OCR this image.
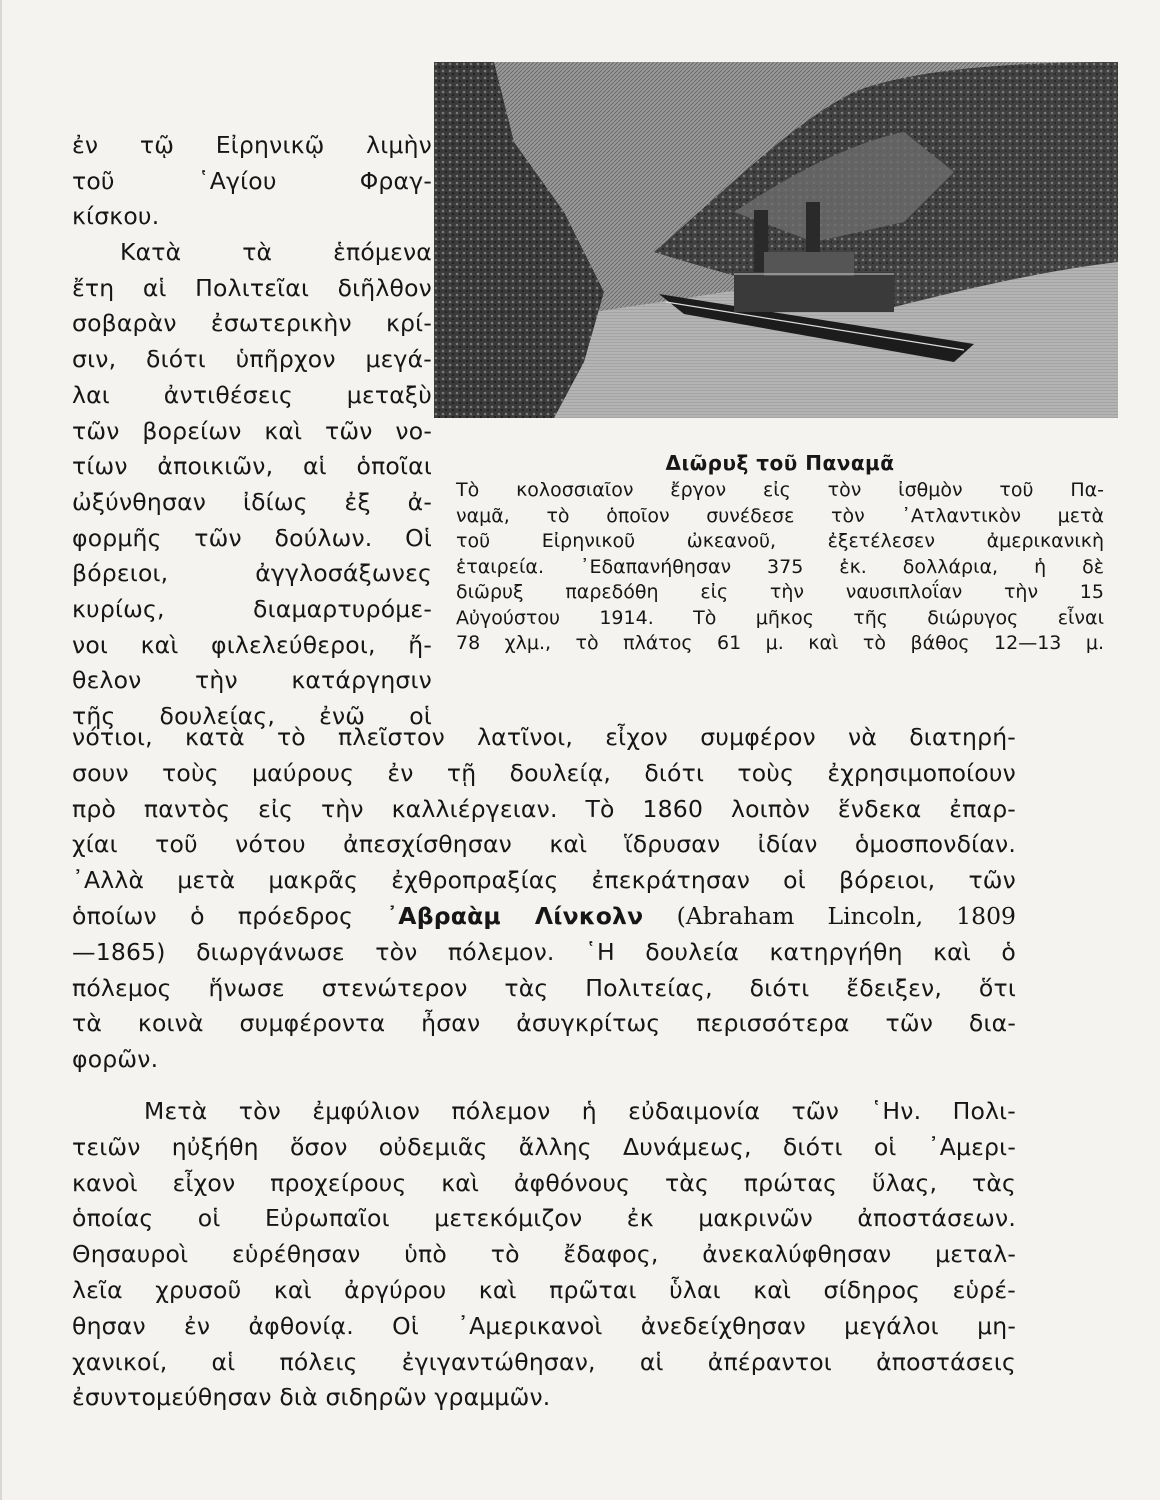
ἐν τῷ Εἰρηνικῷ λιμὴν
τοῦ ῾Αγίου Φραγ-
κίσκου.
Κατὰ τὰ ἑπόμενα
ἔτη αἱ Πολιτεῖαι διῆλθον
σοβαρὰν ἐσωτερικὴν κρί-
σιν, διότι ὑπῆρχον μεγά-
λαι ἀντιθέσεις μεταξὺ
τῶν βορείων καὶ τῶν νο-
τίων ἀποικιῶν, αἱ ὁποῖαι
ὠξύνθησαν ἰδίως ἐξ ἀ-
φορμῆς τῶν δούλων. Οἱ
βόρειοι, ἀγγλοσάξωνες
κυρίως, διαμαρτυρόμε-
νοι καὶ φιλελεύθεροι, ἤ-
θελον τὴν κατάργησιν
τῆς δουλείας, ἐνῶ οἱ
Διῶρυξ τοῦ Παναμᾶ
Τὸ κολοσσιαῖον ἔργον εἰς τὸν ἰσθμὸν τοῦ Πα-
ναμᾶ, τὸ ὁποῖον συνέδεσε τὸν ᾿Ατλαντικὸν μετὰ
τοῦ Εἰρηνικοῦ ὠκεανοῦ, ἐξετέλεσεν ἀμερικανικὴ
ἑταιρεία. ᾿Εδαπανήθησαν 375 ἑκ. δολλάρια, ἡ δὲ
διῶρυξ παρεδόθη εἰς τὴν ναυσιπλοΐαν τὴν 15
Αὐγούστου 1914. Τὸ μῆκος τῆς διώρυγος εἶναι
78 χλμ., τὸ πλάτος 61 μ. καὶ τὸ βάθος 12—13 μ.
νότιοι, κατὰ τὸ πλεῖστον λατῖνοι, εἶχον συμφέρον νὰ διατηρή-
σουν τοὺς μαύρους ἐν τῇ δουλείᾳ, διότι τοὺς ἐχρησιμοποίουν
πρὸ παντὸς εἰς τὴν καλλιέργειαν. Τὸ 1860 λοιπὸν ἕνδεκα ἐπαρ-
χίαι τοῦ νότου ἀπεσχίσθησαν καὶ ἵδρυσαν ἰδίαν ὁμοσπονδίαν.
᾿Αλλὰ μετὰ μακρᾶς ἐχθροπραξίας ἐπεκράτησαν οἱ βόρειοι, τῶν
ὁποίων ὁ πρόεδρος ᾿Αβραὰμ Λίνκολν (Abraham Lincoln, 1809
—1865) διωργάνωσε τὸν πόλεμον. ῾Η δουλεία κατηργήθη καὶ ὁ
πόλεμος ἥνωσε στενώτερον τὰς Πολιτείας, διότι ἔδειξεν, ὅτι
τὰ κοινὰ συμφέροντα ἦσαν ἀσυγκρίτως περισσότερα τῶν δια-
φορῶν.
Μετὰ τὸν ἐμφύλιον πόλεμον ἡ εὐδαιμονία τῶν ῾Ην. Πολι-
τειῶν ηὐξήθη ὅσον οὐδεμιᾶς ἄλλης Δυνάμεως, διότι οἱ ᾿Αμερι-
κανοὶ εἶχον προχείρους καὶ ἀφθόνους τὰς πρώτας ὕλας, τὰς
ὁποίας οἱ Εὐρωπαῖοι μετεκόμιζον ἐκ μακρινῶν ἀποστάσεων.
Θησαυροὶ εὑρέθησαν ὑπὸ τὸ ἔδαφος, ἀνεκαλύφθησαν μεταλ-
λεῖα χρυσοῦ καὶ ἀργύρου καὶ πρῶται ὗλαι καὶ σίδηρος εὑρέ-
θησαν ἐν ἀφθονίᾳ. Οἱ ᾿Αμερικανοὶ ἀνεδείχθησαν μεγάλοι μη-
χανικοί, αἱ πόλεις ἐγιγαντώθησαν, αἱ ἀπέραντοι ἀποστάσεις
ἐσυντομεύθησαν διὰ σιδηρῶν γραμμῶν.
